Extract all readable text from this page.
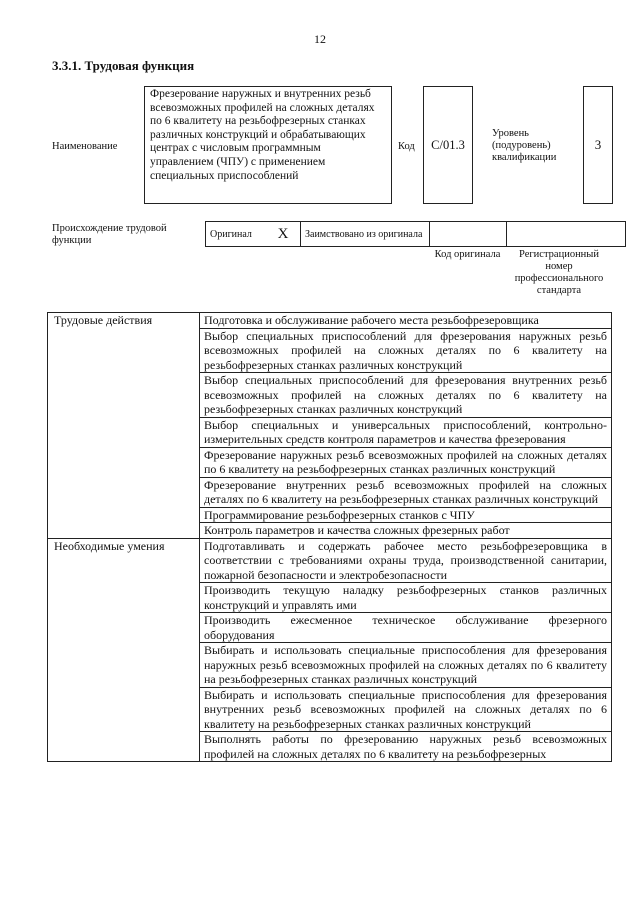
12
3.3.1. Трудовая функция
Наименование
Фрезерование наружных и внутренних резьб всевозможных профилей на сложных деталях по 6 квалитету на резьбофрезерных станках различных конструкций и обрабатывающих центрах с числовым программным управлением (ЧПУ) с применением специальных приспособлений
Код С/01.3
Уровень (подуровень) квалификации
3
Происхождение трудовой функции
Оригинал	X	Заимствовано из оригинала		
Код оригинала	Регистрационный номер профессионального стандарта
Трудовые действия	Подготовка и обслуживание рабочего места резьбофрезеровщика
	Выбор специальных приспособлений для фрезерования наружных резьб всевозможных профилей на сложных деталях по 6 квалитету на резьбофрезерных станках различных конструкций
	Выбор специальных приспособлений для фрезерования внутренних резьб всевозможных профилей на сложных деталях по 6 квалитету на резьбофрезерных станках различных конструкций
	Выбор специальных и универсальных приспособлений, контрольно-измерительных средств контроля параметров и качества фрезерования
	Фрезерование наружных резьб всевозможных профилей на сложных деталях по 6 квалитету на резьбофрезерных станках различных конструкций
	Фрезерование внутренних резьб всевозможных профилей на сложных деталях по 6 квалитету на резьбофрезерных станках различных конструкций
	Программирование резьбофрезерных станков с ЧПУ
	Контроль параметров и качества сложных фрезерных работ
Необходимые умения	Подготавливать и содержать рабочее место резьбофрезеровщика в соответствии с требованиями охраны труда, производственной санитарии, пожарной безопасности и электробезопасности
	Производить текущую наладку резьбофрезерных станков различных конструкций и управлять ими
	Производить ежесменное техническое обслуживание фрезерного оборудования
	Выбирать и использовать специальные приспособления для фрезерования наружных резьб всевозможных профилей на сложных деталях по 6 квалитету на резьбофрезерных станках различных конструкций
	Выбирать и использовать специальные приспособления для фрезерования внутренних резьб всевозможных профилей на сложных деталях по 6 квалитету на резьбофрезерных станках различных конструкций
	Выполнять работы по фрезерованию наружных резьб всевозможных профилей на сложных деталях по 6 квалитету на резьбофрезерных
